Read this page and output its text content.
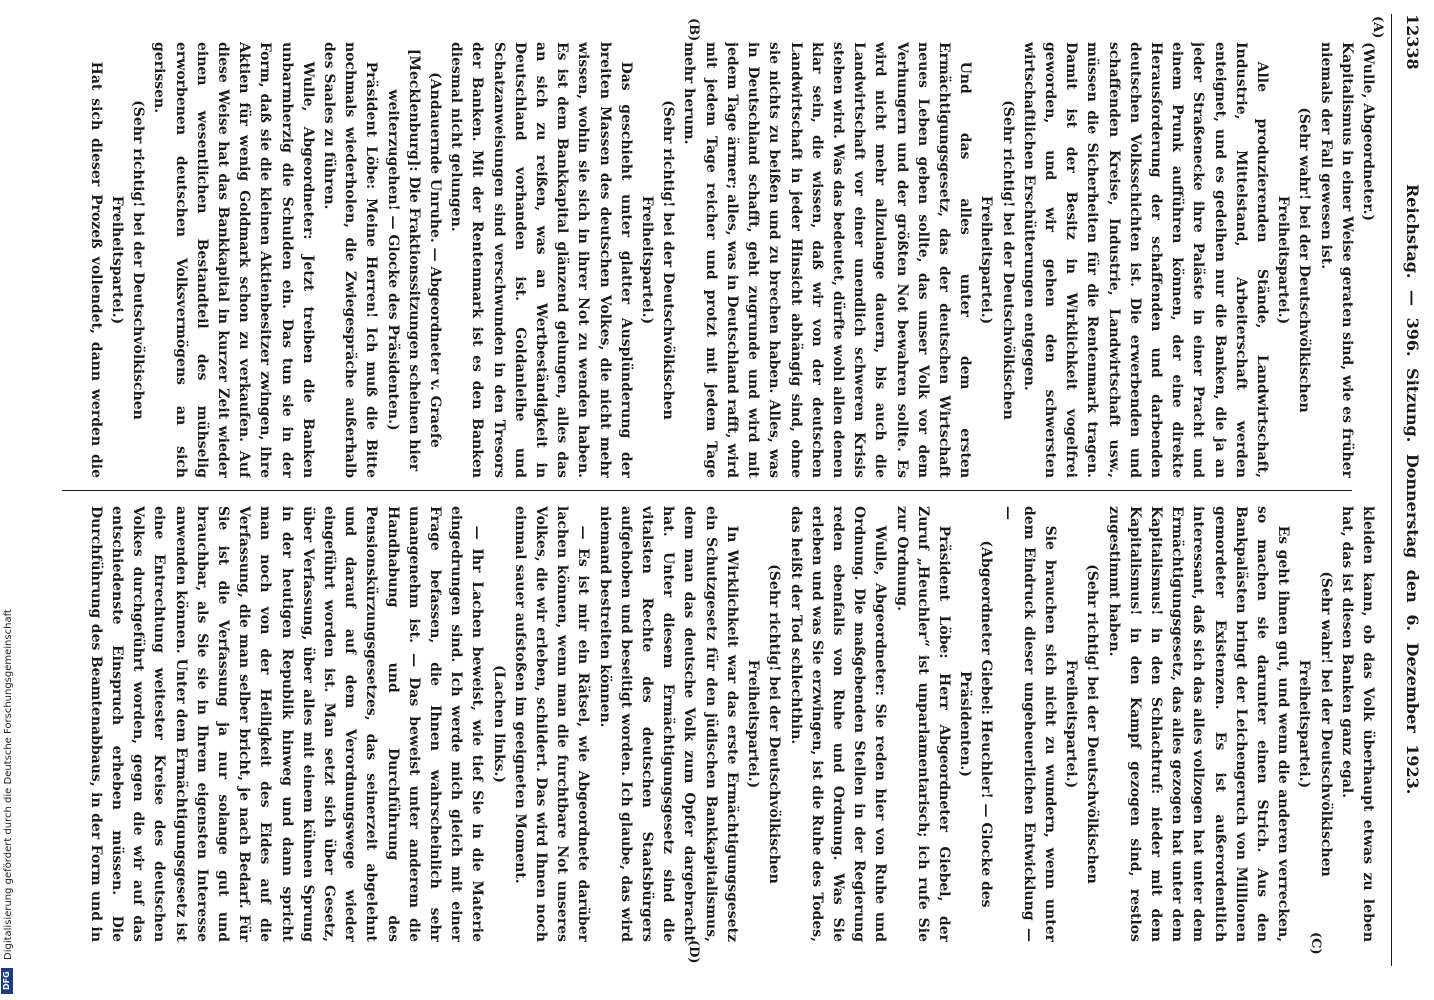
12338
Reichstag. — 396. Sitzung. Donnerstag den 6. Dezember 1923.
(A)
(B)
(C)
(D)

(Wulle, Abgeordneter.)

Kapitalismus in einer Weise geraten sind, wie es früher niemals der Fall gewesen ist.

(Sehr wahr! bei der Deutschvölkischen Freiheitspartei.)

Alle produzierenden Stände, Landwirtschaft, Industrie, Mittelstand, Arbeiterschaft werden enteignet, und es gedeihen nur die Banken, die ja an jeder Straßenecke ihre Paläste in einer Pracht und einem Prunk aufführen können, der eine direkte Herausforderung der schaffenden und darbenden deutschen Volksschichten ist. Die erwerbenden und schaffenden Kreise, Industrie, Landwirtschaft usw., müssen die Sicherheiten für die Rentenmark tragen. Damit ist der Besitz in Wirklichkeit vogelfrei geworden, und wir gehen den schwersten wirtschaftlichen Erschütterungen entgegen.

(Sehr richtig! bei der Deutschvölkischen Freiheitspartei.)

Und das alles unter dem ersten Ermächtigungsgesetz, das der deutschen Wirtschaft neues Leben geben sollte, das unser Volk vor dem Verhungern und der größten Not bewahren sollte. Es wird nicht mehr allzulange dauern, bis auch die Landwirtschaft vor einer unendlich schweren Krisis stehen wird. Was das bedeutet, dürfte wohl allen denen klar sein, die wissen, daß wir von der deutschen Landwirtschaft in jeder Hinsicht abhängig sind, ohne sie nichts zu beißen und zu brechen haben. Alles, was in Deutschland schafft, geht zugrunde und wird mit jedem Tage ärmer; alles, was in Deutschland rafft, wird mit jedem Tage reicher und protzt mit jedem Tage mehr herum.

(Sehr richtig! bei der Deutschvölkischen Freiheitspartei.)

Das geschieht unter glatter Ausplünderung der breiten Massen des deutschen Volkes, die nicht mehr wissen, wohin sie sich in ihrer Not zu wenden haben. Es ist dem Bankkapital glänzend gelungen, alles das an sich zu reißen, was an Wertbeständigkeit in Deutschland vorhanden ist. Goldanleihe und Schatzanweisungen sind verschwunden in den Tresors der Banken. Mit der Rentenmark ist es den Banken diesmal nicht gelungen.

(Andauernde Unruhe. — Abgeordneter v. Graefe [Mecklenburg]: Die Fraktionssitzungen scheinen hier weiterzugehen! — Glocke des Präsidenten.)

Präsident Löbe: Meine Herren! Ich muß die Bitte nochmals wiederholen, die Zwiegespräche außerhalb des Saales zu führen.

Wulle, Abgeordneter: Jetzt treiben die Banken unbarmherzig die Schulden ein. Das tun sie in der Form, daß sie die kleinen Aktienbesitzer zwingen, ihre Aktien für wenig Goldmark schon zu verkaufen. Auf diese Weise hat das Bankkapital in kurzer Zeit wieder einen wesentlichen Bestandteil des mühselig erworbenen deutschen Volksvermögens an sich gerissen.

(Sehr richtig! bei der Deutschvölkischen Freiheitspartei.)

Hat sich dieser Prozeß vollendet, dann werden die

kleiden kann, ob das Volk überhaupt etwas zu leben hat, das ist diesen Banken ganz egal.

(Sehr wahr! bei der Deutschvölkischen Freiheitspartei.)

Es geht ihnen gut, und wenn die anderen verrecken, so machen sie darunter einen Strich. Aus den Bankpalästen bringt der Leichengeruch von Millionen gemordeter Existenzen. Es ist außerordentlich interessant, daß sich das alles vollzogen hat unter dem Ermächtigungsgesetz, das alles gezogen hat unter dem Kapitalismus! in den Schlachtruf: nieder mit dem Kapitalismus! in den Kampf gezogen sind, restlos zugestimmt haben.

(Sehr richtig! bei der Deutschvölkischen Freiheitspartei.)

Sie brauchen sich nicht zu wundern, wenn unter dem Eindruck dieser ungeheuerlichen Entwicklung — —

(Abgeordneter Giebel: Heuchler! — Glocke des Präsidenten.)

Präsident Löbe: Herr Abgeordneter Giebel, der Zuruf „Heuchler“ ist unparlamentarisch; ich rufe Sie zur Ordnung.

Wulle, Abgeordneter: Sie reden hier von Ruhe und Ordnung. Die maßgebenden Stellen in der Regierung reden ebenfalls von Ruhe und Ordnung. Was Sie erleben und was Sie erzwingen, ist die Ruhe des Todes, das heißt der Tod schlechthin.

(Sehr richtig! bei der Deutschvölkischen Freiheitspartei.)

In Wirklichkeit war das erste Ermächtigungsgesetz ein Schutzgesetz für den jüdischen Bankkapitalismus, dem man das deutsche Volk zum Opfer dargebracht hat. Unter diesem Ermächtigungsgesetz sind die vitalsten Rechte des deutschen Staatsbürgers aufgehoben und beseitigt worden. Ich glaube, das wird niemand bestreiten können.

— Es ist mir ein Rätsel, wie Abgeordnete darüber lachen können, wenn man die furchtbare Not unseres Volkes, die wir erleben, schildert. Das wird Ihnen noch einmal sauer aufstoßen im geeigneten Moment.

(Lachen links.)

— Ihr Lachen beweist, wie tief Sie in die Materie eingedrungen sind. Ich werde mich gleich mit einer Frage befassen, die Ihnen wahrscheinlich sehr unangenehm ist. — Das beweist unter anderem die Handhabung und Durchführung des Pensionskürzungsgesetzes, das seinerzeit abgelehnt und darauf auf dem Verordnungswege wieder eingeführt worden ist. Man setzt sich über Gesetz, über Verfassung, über alles mit einem kühnen Sprung in der heutigen Republik hinweg und dann spricht man noch von der Heiligkeit des Eides auf die Verfassung, die man selber bricht, je nach Bedarf. Für Sie ist die Verfassung ja nur solange gut und brauchbar, als Sie sie in Ihrem eigensten Interesse anwenden können. Unter dem Ermächtigungsgesetz ist eine Entrechtung weitester Kreise des deutschen Volkes durchgeführt worden, gegen die wir auf das entschiedenste Einspruch erheben müssen. Die Durchführung des Beamtenabbaus, in der Form und in

Digitalisierung gefördert durch die Deutsche Forschungsgemeinschaft
DFG
